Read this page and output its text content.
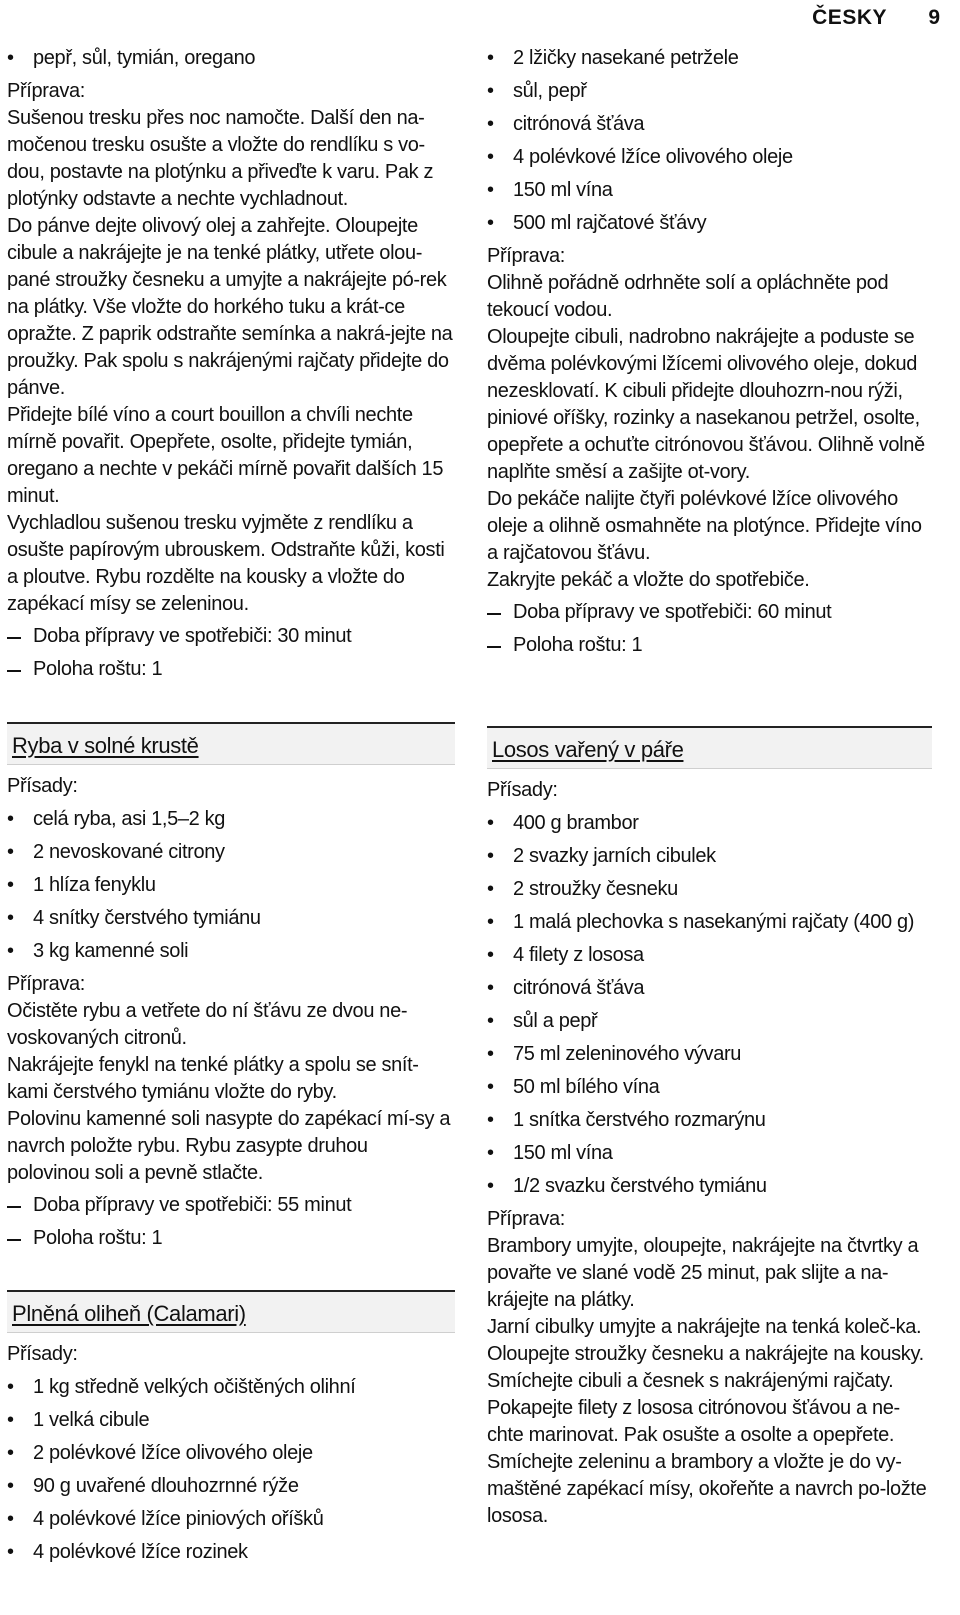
ČESKY 9
• pepř, sůl, tymián, oregano
Příprava:

Sušenou tresku přes noc namočte. Další den na-močenou tresku osušte a vložte do rendlíku s vo-dou, postavte na plotýnku a přiveďte k varu. Pak z plotýnky odstavte a nechte vychladnout.

Do pánve dejte olivový olej a zahřejte. Oloupejte cibule a nakrájejte je na tenké plátky, utřete olou-pané stroužky česneku a umyjte a nakrájejte pó-rek na plátky. Vše vložte do horkého tuku a krát-ce opražte. Z paprik odstraňte semínka a nakrá-jejte na proužky. Pak spolu s nakrájenými rajčaty přidejte do pánve.

Přidejte bílé víno a court bouillon a chvíli nechte mírně povařit. Opepřete, osolte, přidejte tymián, oregano a nechte v pekáči mírně povařit dalších 15 minut.

Vychladlou sušenou tresku vyjměte z rendlíku a osušte papírovým ubrouskem. Odstraňte kůži, kosti a ploutve. Rybu rozdělte na kousky a vložte do zapékací mísy se zeleninou.

Doba přípravy ve spotřebiči: 30 minut
Poloha roštu: 1
• 2 lžičky nasekané petržele
• sůl, pepř
• citrónová šťáva
• 4 polévkové lžíce olivového oleje
• 150 ml vína
• 500 ml rajčatové šťávy
Příprava:

Olihně pořádně odrhněte solí a opláchněte pod tekoucí vodou.

Oloupejte cibuli, nadrobno nakrájejte a poduste se dvěma polévkovými lžícemi olivového oleje, dokud nezesklovatí. K cibuli přidejte dlouhozrn-nou rýži, piniové oříšky, rozinky a nasekanou petržel, osolte, opepřete a ochuťte citrónovou šťávou. Olihně volně naplňte směsí a zašijte ot-vory.

Do pekáče nalijte čtyři polévkové lžíce olivového oleje a olihně osmahněte na plotýnce. Přidejte víno a rajčatovou šťávu.

Zakryjte pekáč a vložte do spotřebiče.

Doba přípravy ve spotřebiči: 60 minut
Poloha roštu: 1
Ryba v solné krustě
Přísady:
• celá ryba, asi 1,5–2 kg
• 2 nevoskované citrony
• 1 hlíza fenyklu
• 4 snítky čerstvého tymiánu
• 3 kg kamenné soli
Příprava:

Očistěte rybu a vetřete do ní šťávu ze dvou ne-voskovaných citronů.

Nakrájejte fenykl na tenké plátky a spolu se snít-kami čerstvého tymiánu vložte do ryby.

Polovinu kamenné soli nasypte do zapékací mí-sy a navrch položte rybu. Rybu zasypte druhou polovinou soli a pevně stlačte.

Doba přípravy ve spotřebiči: 55 minut
Poloha roštu: 1
Plněná oliheň (Calamari)
Přísady:
• 1 kg středně velkých očištěných olihní
• 1 velká cibule
• 2 polévkové lžíce olivového oleje
• 90 g uvařené dlouhozrnné rýže
• 4 polévkové lžíce piniových oříšků
• 4 polévkové lžíce rozinek
Losos vařený v páře
Přísady:
• 400 g brambor
• 2 svazky jarních cibulek
• 2 stroužky česneku
• 1 malá plechovka s nasekanými rajčaty (400 g)
• 4 filety z lososa
• citrónová šťáva
• sůl a pepř
• 75 ml zeleninového vývaru
• 50 ml bílého vína
• 1 snítka čerstvého rozmarýnu
• 150 ml vína
• 1/2 svazku čerstvého tymiánu
Příprava:

Brambory umyjte, oloupejte, nakrájejte na čtvrtky a povařte ve slané vodě 25 minut, pak slijte a na-krájejte na plátky.

Jarní cibulky umyjte a nakrájejte na tenká koleč-ka. Oloupejte stroužky česneku a nakrájejte na kousky. Smíchejte cibuli a česnek s nakrájenými rajčaty.

Pokapejte filety z lososa citrónovou šťávou a ne-chte marinovat. Pak osušte a osolte a opepřete. Smíchejte zeleninu a brambory a vložte je do vy-maštěné zapékací mísy, okořeňte a navrch po-ložte lososa.
